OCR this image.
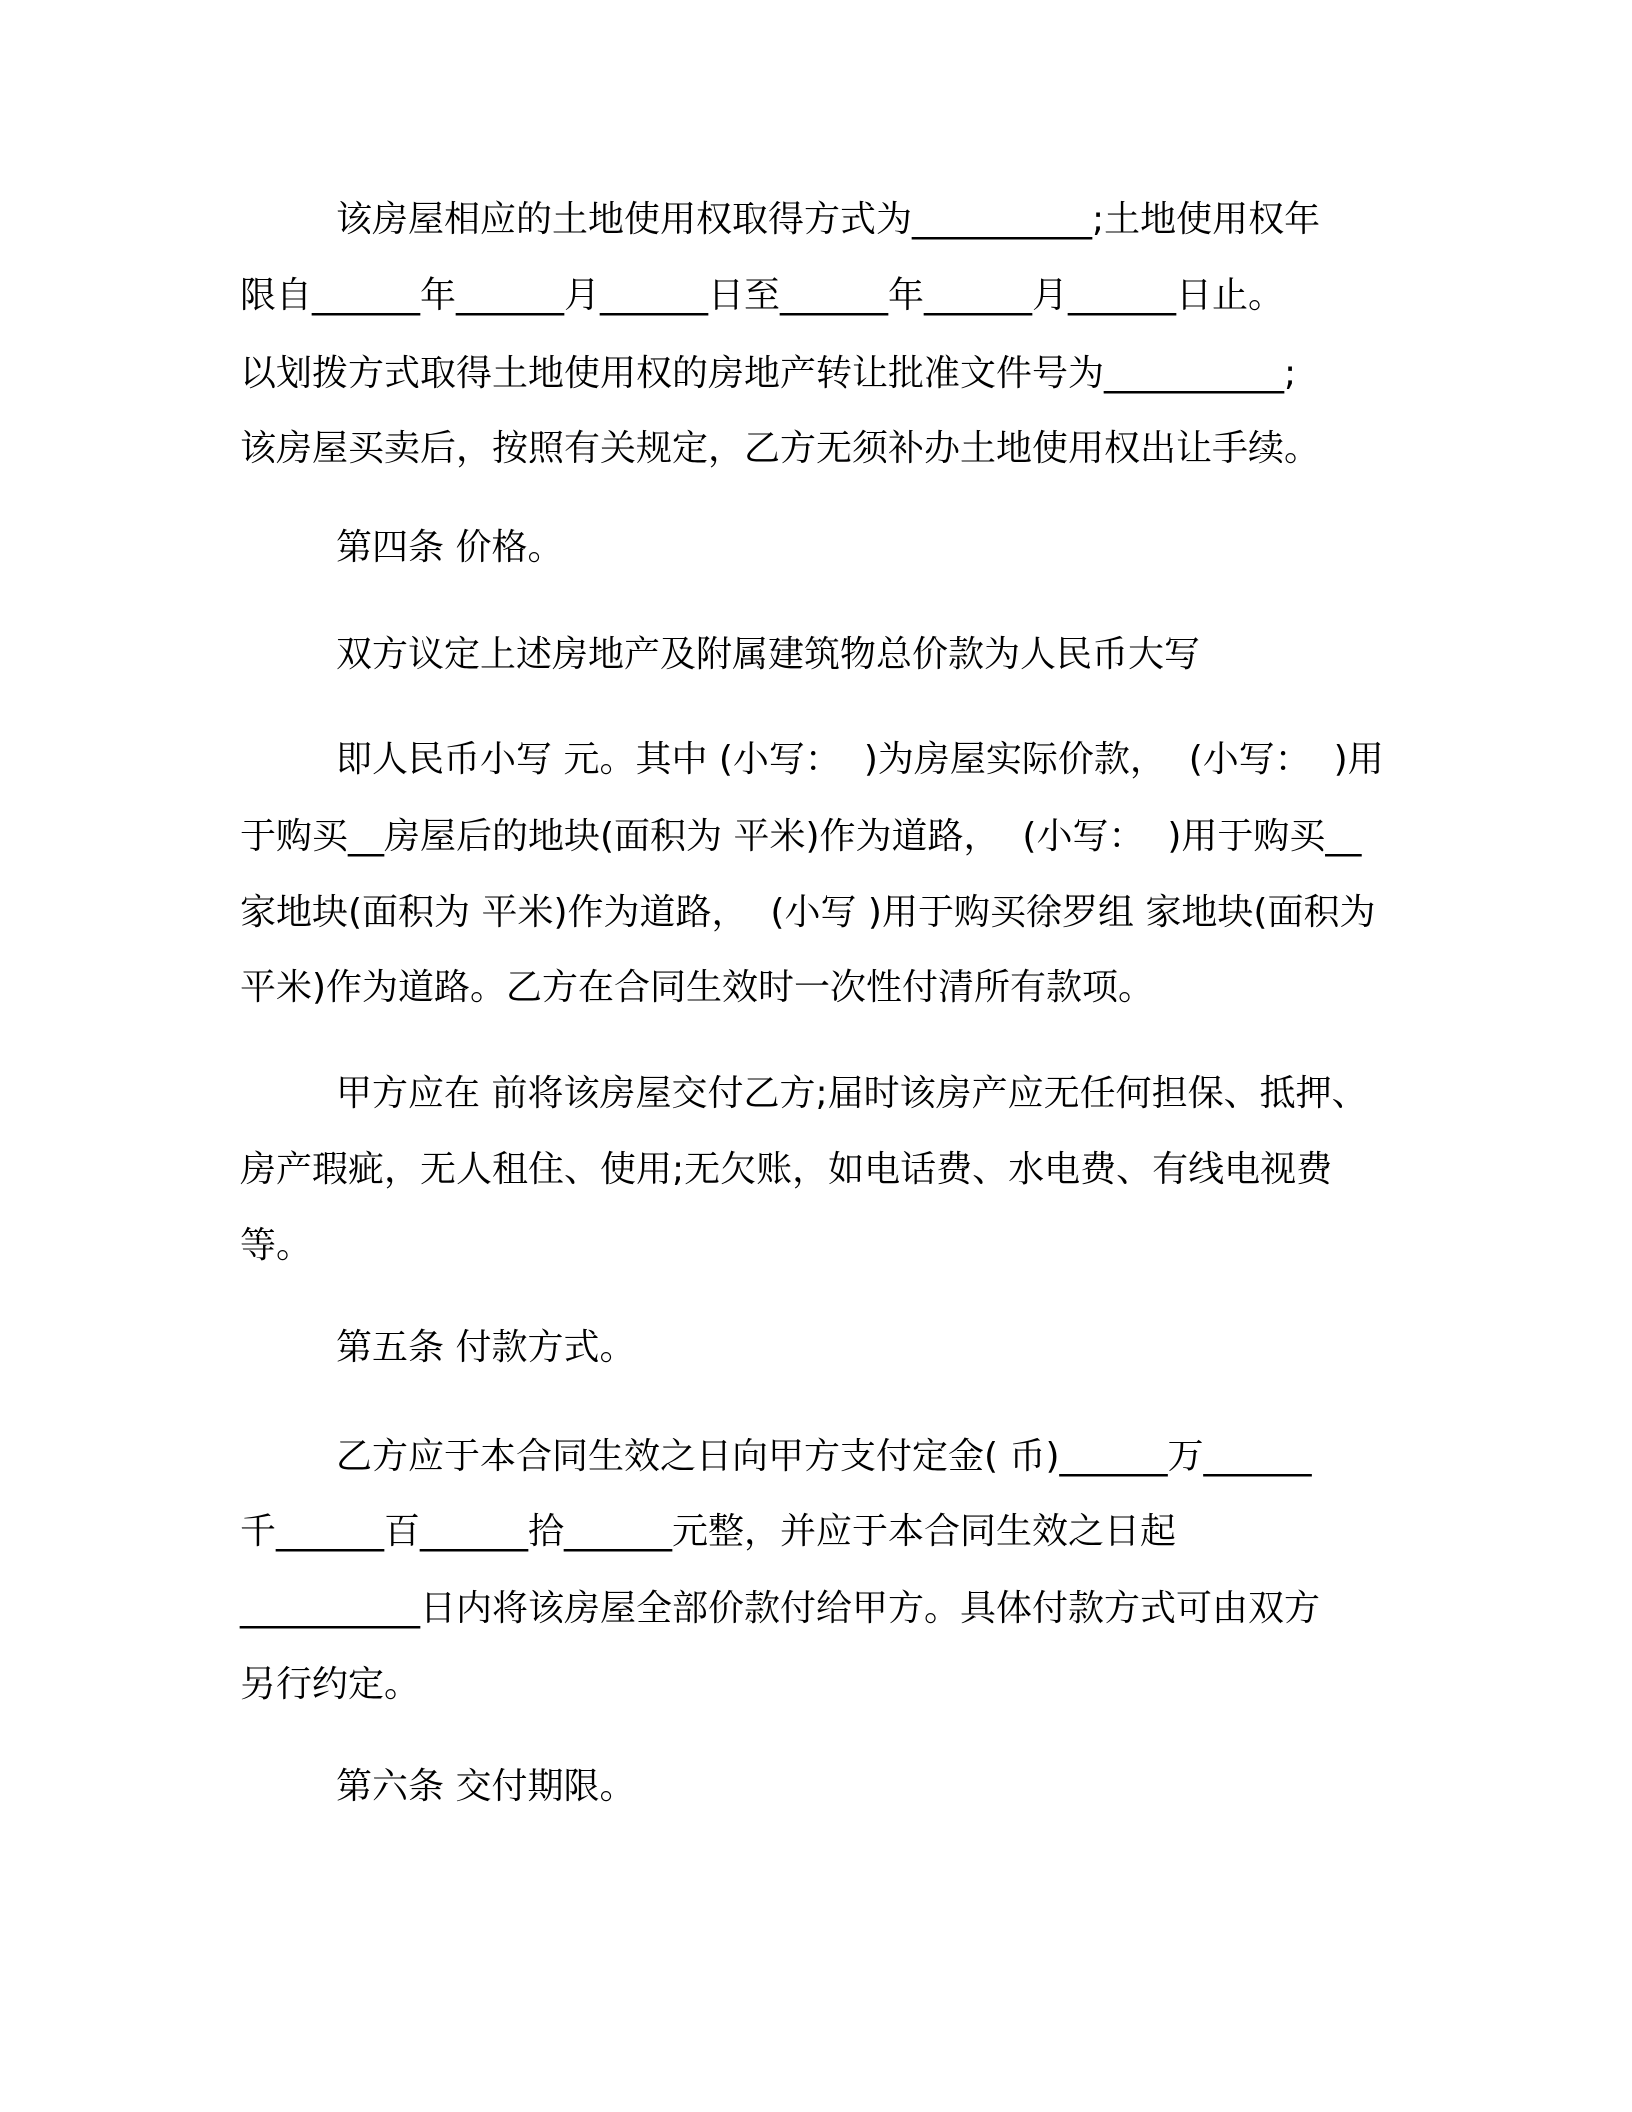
该房屋相应的土地使用权取得方式为__________;土地使用权年
限自______年______月______日至______年______月______日止。
以划拨方式取得土地使用权的房地产转让批准文件号为__________;
该房屋买卖后，按照有关规定，乙方无须补办土地使用权出让手续。
第四条 价格。
双方议定上述房地产及附属建筑物总价款为人民币大写
即人民币小写 元。其中 (小写：  )为房屋实际价款，  (小写：  )用
于购买__房屋后的地块(面积为 平米)作为道路，  (小写：  )用于购买__
家地块(面积为 平米)作为道路，  (小写 )用于购买徐罗组 家地块(面积为
平米)作为道路。乙方在合同生效时一次性付清所有款项。
甲方应在 前将该房屋交付乙方;届时该房产应无任何担保、抵押、
房产瑕疵，无人租住、使用;无欠账，如电话费、水电费、有线电视费
等。
第五条 付款方式。
乙方应于本合同生效之日向甲方支付定金( 币)______万______
千______百______拾______元整，并应于本合同生效之日起
__________日内将该房屋全部价款付给甲方。具体付款方式可由双方
另行约定。
第六条 交付期限。
